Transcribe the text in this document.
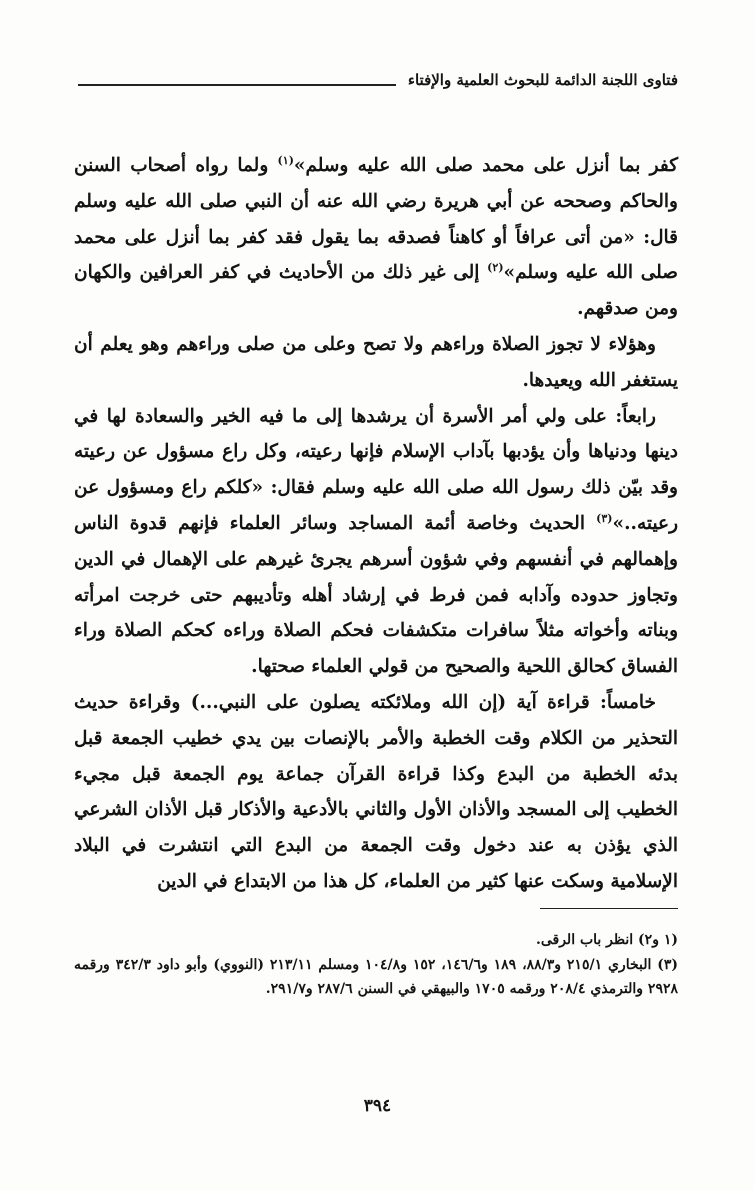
فتاوى اللجنة الدائمة للبحوث العلمية والإفتاء

كفر بما أنزل على محمد صلى الله عليه وسلم»$^{(١)}$ ولما رواه أصحاب السنن والحاكم وصححه عن أبي هريرة رضي الله عنه أن النبي صلى الله عليه وسلم قال: «من أتى عرافاً أو كاهناً فصدقه بما يقول فقد كفر بما أنزل على محمد صلى الله عليه وسلم»$^{(٢)}$ إلى غير ذلك من الأحاديث في كفر العرافين والكهان ومن صدقهم.

وهؤلاء لا تجوز الصلاة وراءهم ولا تصح وعلى من صلى وراءهم وهو يعلم أن يستغفر الله ويعيدها.

رابعاً: على ولي أمر الأسرة أن يرشدها إلى ما فيه الخير والسعادة لها في دينها ودنياها وأن يؤدبها بآداب الإسلام فإنها رعيته، وكل راع مسؤول عن رعيته وقد بيّن ذلك رسول الله صلى الله عليه وسلم فقال: «كلكم راع ومسؤول عن رعيته..»$^{(٣)}$ الحديث وخاصة أئمة المساجد وسائر العلماء فإنهم قدوة الناس وإهمالهم في أنفسهم وفي شؤون أسرهم يجرئ غيرهم على الإهمال في الدين وتجاوز حدوده وآدابه فمن فرط في إرشاد أهله وتأديبهم حتى خرجت امرأته وبناته وأخواته مثلاً سافرات متكشفات فحكم الصلاة وراءه كحكم الصلاة وراء الفساق كحالق اللحية والصحيح من قولي العلماء صحتها.

خامساً: قراءة آية (إن الله وملائكته يصلون على النبي...) وقراءة حديث التحذير من الكلام وقت الخطبة والأمر بالإنصات بين يدي خطيب الجمعة قبل بدئه الخطبة من البدع وكذا قراءة القرآن جماعة يوم الجمعة قبل مجيء الخطيب إلى المسجد والأذان الأول والثاني بالأدعية والأذكار قبل الأذان الشرعي الذي يؤذن به عند دخول وقت الجمعة من البدع التي انتشرت في البلاد الإسلامية وسكت عنها كثير من العلماء، كل هذا من الابتداع في الدين

(١ و٢) انظر باب الرقى.

(٣) البخاري ٢١٥/١ و٨٨/٣، ١٨٩ و١٤٦/٦، ١٥٢ و١٠٤/٨ ومسلم ٢١٣/١١ (النووي) وأبو داود ٣٤٢/٣ ورقمه ٢٩٢٨ والترمذي ٢٠٨/٤ ورقمه ١٧٠٥ والبيهقي في السنن ٢٨٧/٦ و٢٩١/٧.

٣٩٤
